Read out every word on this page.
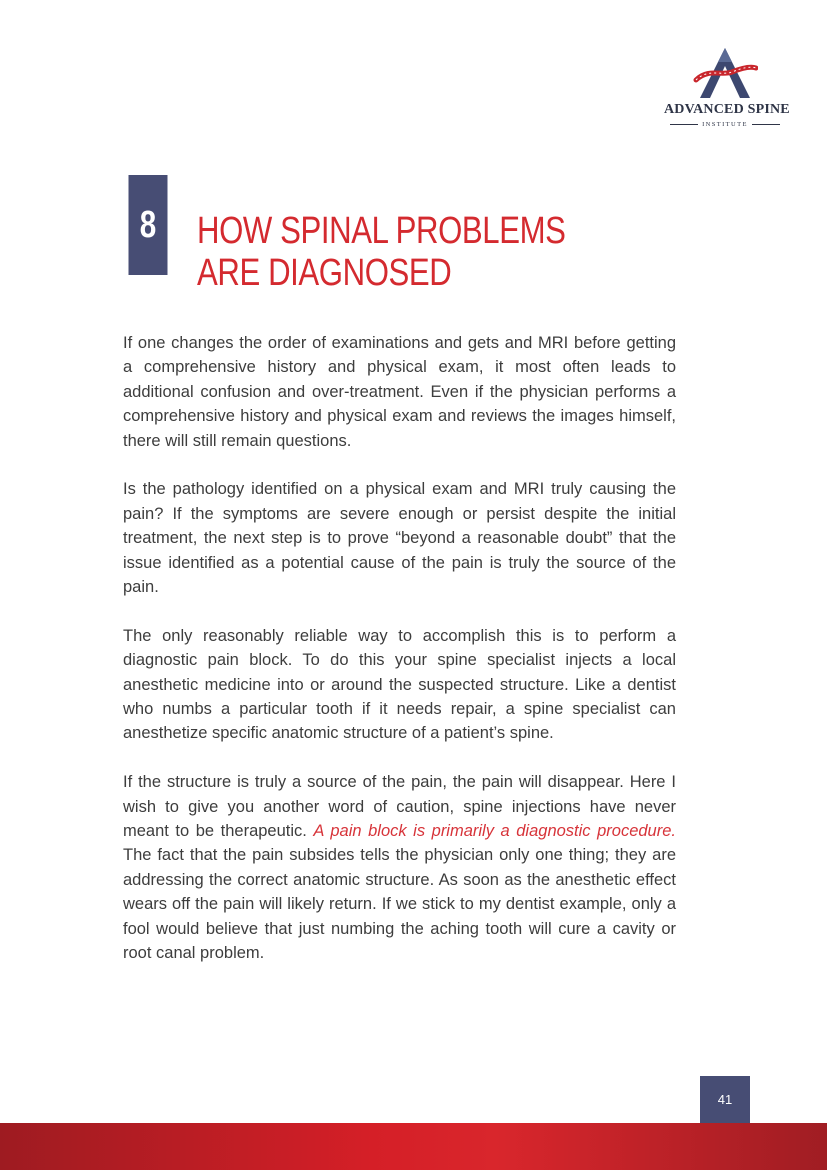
ADVANCED SPINE
INSTITUTE
8 HOW SPINAL PROBLEMS
ARE DIAGNOSED

If one changes the order of examinations and gets and MRI before getting a comprehensive history and physical exam, it most often leads to additional confusion and over-treatment. Even if the physician performs a comprehensive history and physical exam and reviews the images himself, there will still remain questions.

Is the pathology identified on a physical exam and MRI truly causing the pain? If the symptoms are severe enough or persist despite the initial treatment, the next step is to prove “beyond a reasonable doubt” that the issue identified as a potential cause of the pain is truly the source of the pain.

The only reasonably reliable way to accomplish this is to perform a diagnostic pain block. To do this your spine specialist injects a local anesthetic medicine into or around the suspected structure. Like a dentist who numbs a particular tooth if it needs repair, a spine specialist can anesthetize specific anatomic structure of a patient’s spine.

If the structure is truly a source of the pain, the pain will disappear. Here I wish to give you another word of caution, spine injections have never meant to be therapeutic. A pain block is primarily a diagnostic procedure. The fact that the pain subsides tells the physician only one thing; they are addressing the correct anatomic structure. As soon as the anesthetic effect wears off the pain will likely return. If we stick to my dentist example, only a fool would believe that just numbing the aching tooth will cure a cavity or root canal problem.

41
